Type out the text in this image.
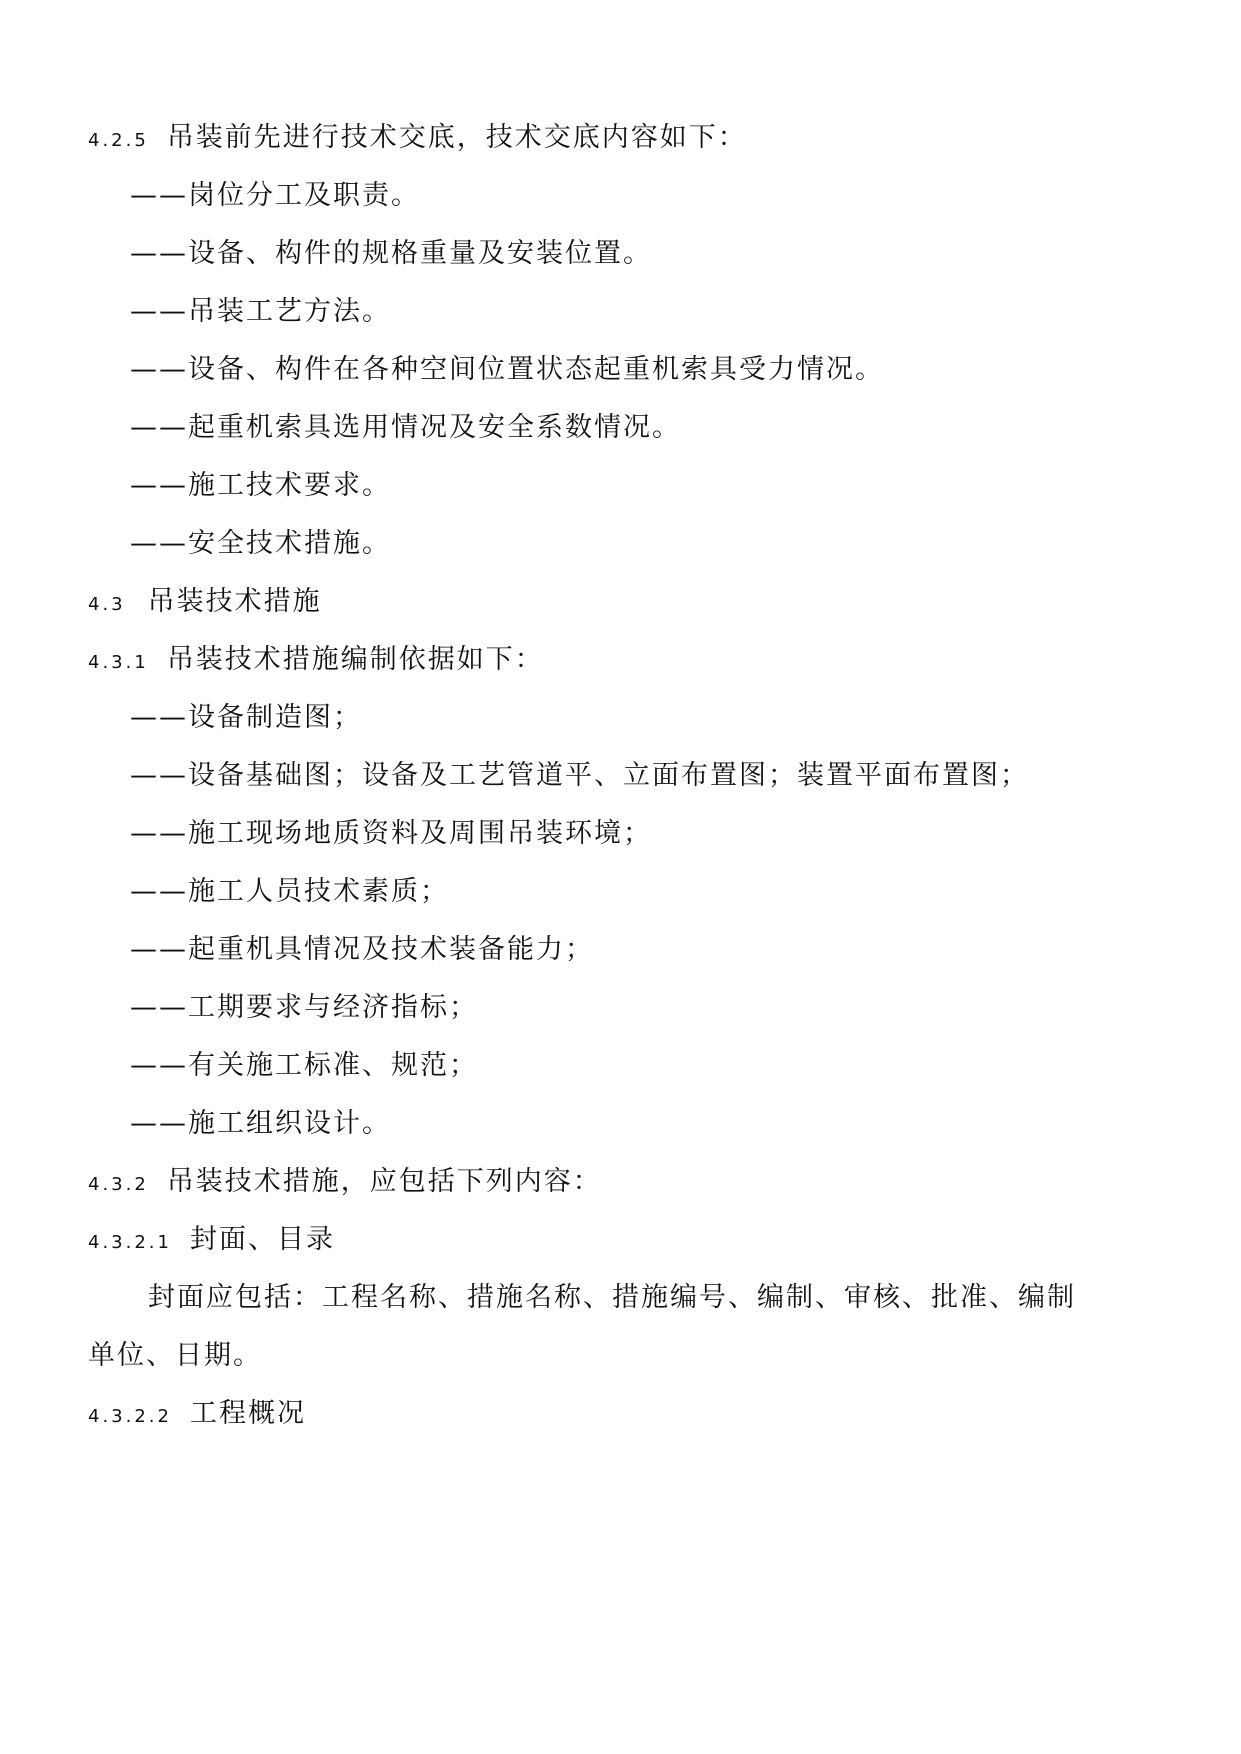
4.2.5 吊装前先进行技术交底，技术交底内容如下：
——岗位分工及职责。
——设备、构件的规格重量及安装位置。
——吊装工艺方法。
——设备、构件在各种空间位置状态起重机索具受力情况。
——起重机索具选用情况及安全系数情况。
——施工技术要求。
——安全技术措施。
4.3 吊装技术措施
4.3.1 吊装技术措施编制依据如下：
——设备制造图；
——设备基础图；设备及工艺管道平、立面布置图；装置平面布置图；
——施工现场地质资料及周围吊装环境；
——施工人员技术素质；
——起重机具情况及技术装备能力；
——工期要求与经济指标；
——有关施工标准、规范；
——施工组织设计。
4.3.2 吊装技术措施，应包括下列内容：
4.3.2.1 封面、目录
封面应包括：工程名称、措施名称、措施编号、编制、审核、批准、编制
单位、日期。
4.3.2.2 工程概况
